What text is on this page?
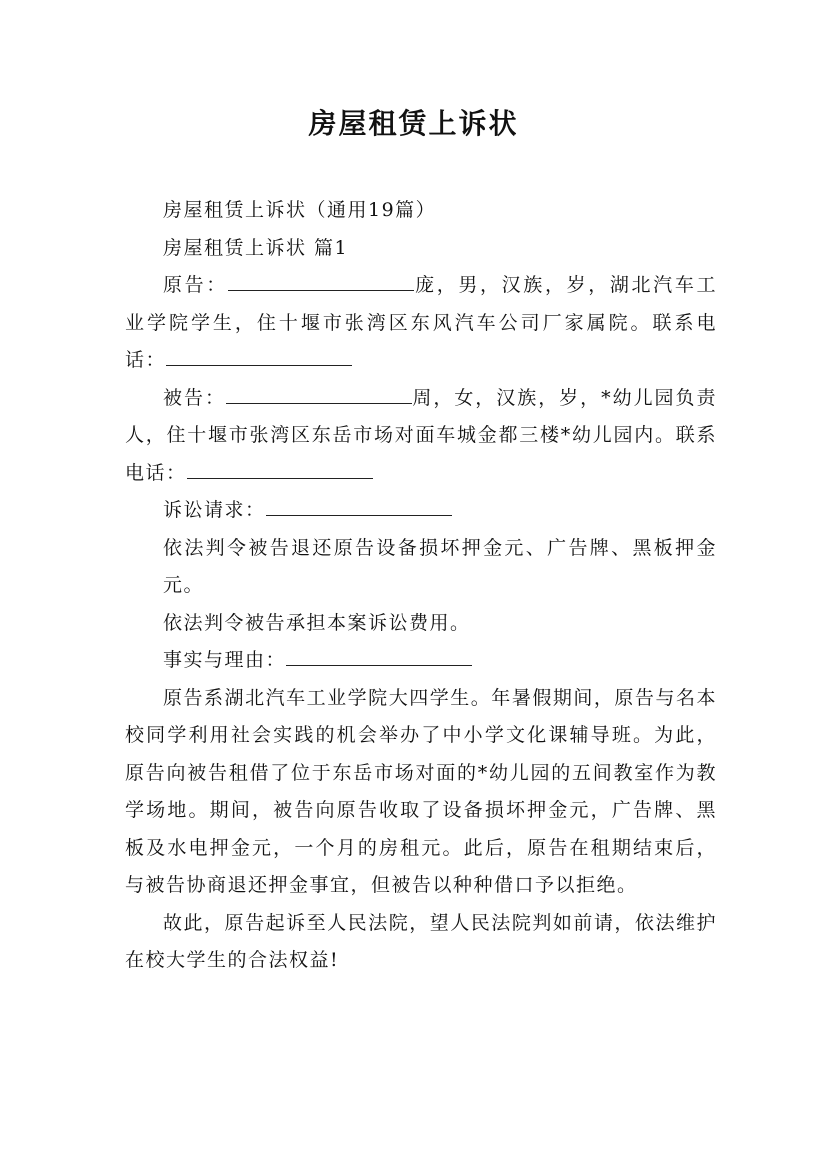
房屋租赁上诉状

房屋租赁上诉状（通用19篇）

房屋租赁上诉状 篇1

原告：	庞，男，汉族，岁，湖北汽车工业学院学生，住十堰市张湾区东风汽车公司厂家属院。联系电话：

被告：	周，女，汉族，岁，*幼儿园负责人，住十堰市张湾区东岳市场对面车城金都三楼*幼儿园内。联系电话：

诉讼请求：

依法判令被告退还原告设备损坏押金元、广告牌、黑板押金元。

依法判令被告承担本案诉讼费用。

事实与理由：

原告系湖北汽车工业学院大四学生。年暑假期间，原告与名本校同学利用社会实践的机会举办了中小学文化课辅导班。为此，原告向被告租借了位于东岳市场对面的*幼儿园的五间教室作为教学场地。期间，被告向原告收取了设备损坏押金元，广告牌、黑板及水电押金元，一个月的房租元。此后，原告在租期结束后，与被告协商退还押金事宜，但被告以种种借口予以拒绝。

故此，原告起诉至人民法院，望人民法院判如前请，依法维护在校大学生的合法权益!
